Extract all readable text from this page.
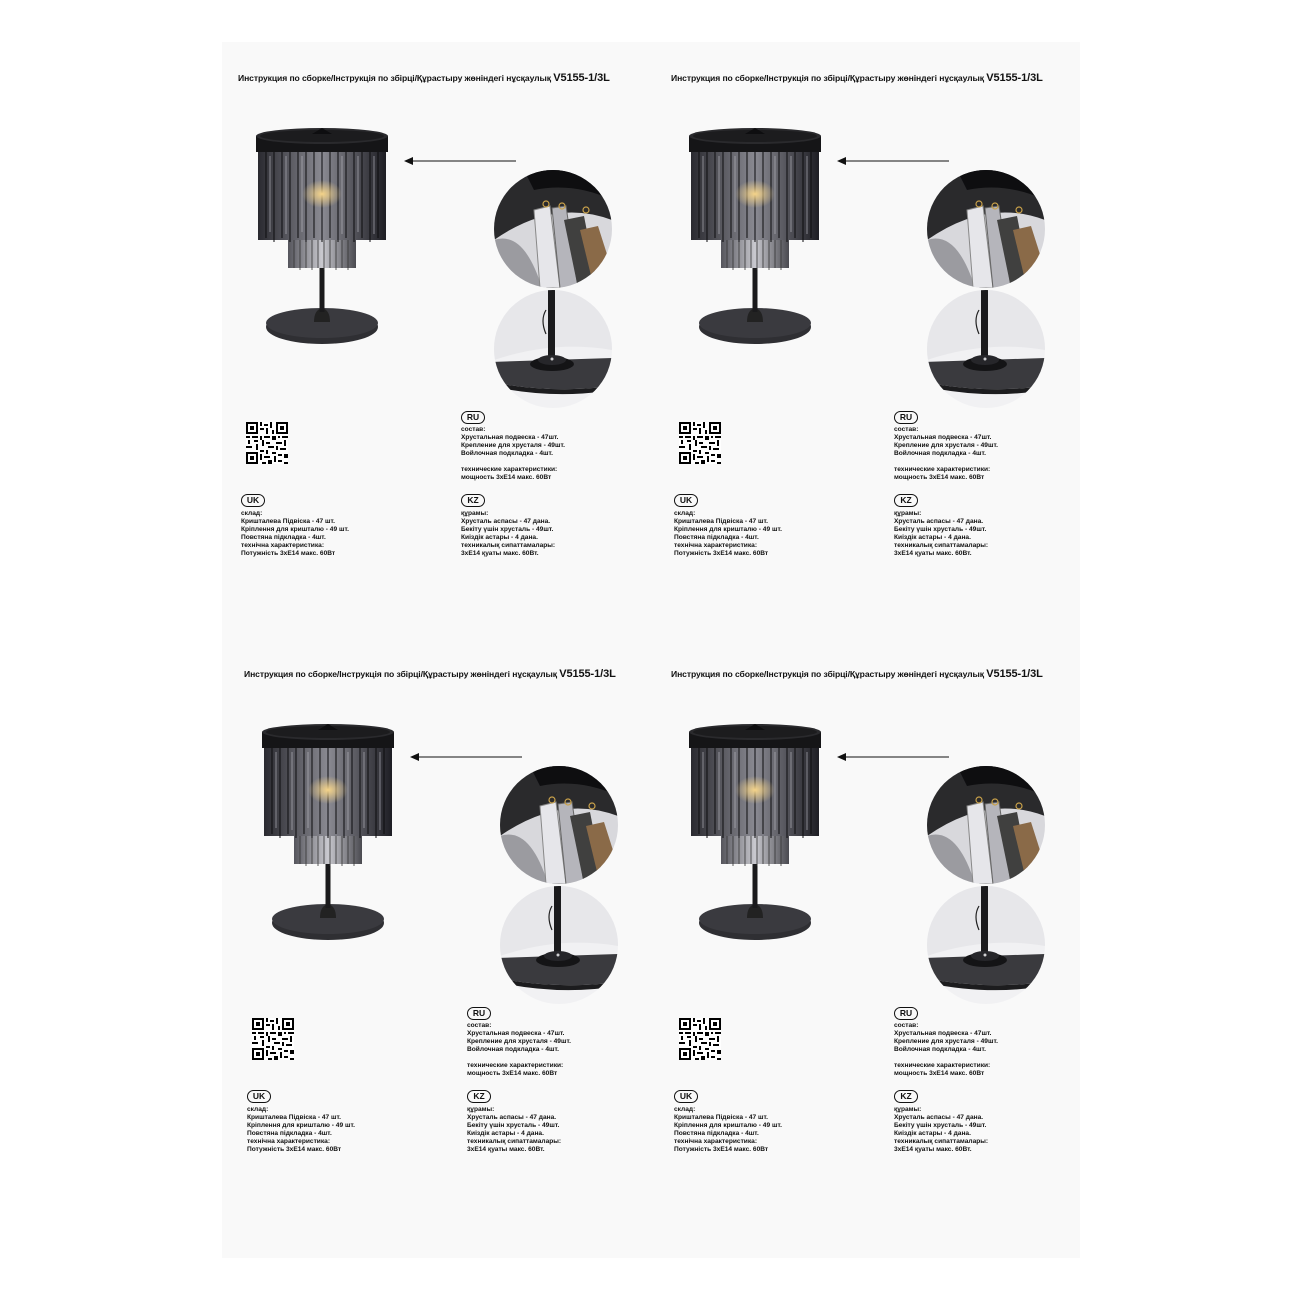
Инструкция по сборке/Інструкція по збірці/Құрастыру жөніндегі нұсқаулық V5155-1/3L
RU
состав:
Хрустальная подвеска - 47шт.
Крепление для хрусталя - 49шт.
Войлочная подкладка - 4шт.
технические характеристики:
мощность 3xE14 макс. 60Вт
UK
склад:
Кришталева Підвіска - 47 шт.
Кріплення для кришталю - 49 шт.
Повстяна підкладка - 4шт.
технічна характеристика:
Потужність 3xE14 макс. 60Вт
KZ
құрамы:
Хрусталь аспасы - 47 дана.
Бекіту үшін хрусталь - 49шт.
Киіздік астары - 4 дана.
техникалық сипаттамалары:
3xE14 қуаты макс. 60Вт.
Инструкция по сборке/Інструкція по збірці/Құрастыру жөніндегі нұсқаулық V5155-1/3L
RU
состав:
Хрустальная подвеска - 47шт.
Крепление для хрусталя - 49шт.
Войлочная подкладка - 4шт.
технические характеристики:
мощность 3xE14 макс. 60Вт
UK
склад:
Кришталева Підвіска - 47 шт.
Кріплення для кришталю - 49 шт.
Повстяна підкладка - 4шт.
технічна характеристика:
Потужність 3xE14 макс. 60Вт
KZ
құрамы:
Хрусталь аспасы - 47 дана.
Бекіту үшін хрусталь - 49шт.
Киіздік астары - 4 дана.
техникалық сипаттамалары:
3xE14 қуаты макс. 60Вт.
Инструкция по сборке/Інструкція по збірці/Құрастыру жөніндегі нұсқаулық V5155-1/3L
RU
состав:
Хрустальная подвеска - 47шт.
Крепление для хрусталя - 49шт.
Войлочная подкладка - 4шт.
технические характеристики:
мощность 3xE14 макс. 60Вт
UK
склад:
Кришталева Підвіска - 47 шт.
Кріплення для кришталю - 49 шт.
Повстяна підкладка - 4шт.
технічна характеристика:
Потужність 3xE14 макс. 60Вт
KZ
құрамы:
Хрусталь аспасы - 47 дана.
Бекіту үшін хрусталь - 49шт.
Киіздік астары - 4 дана.
техникалық сипаттамалары:
3xE14 қуаты макс. 60Вт.
Инструкция по сборке/Інструкція по збірці/Құрастыру жөніндегі нұсқаулық V5155-1/3L
RU
состав:
Хрустальная подвеска - 47шт.
Крепление для хрусталя - 49шт.
Войлочная подкладка - 4шт.
технические характеристики:
мощность 3xE14 макс. 60Вт
UK
склад:
Кришталева Підвіска - 47 шт.
Кріплення для кришталю - 49 шт.
Повстяна підкладка - 4шт.
технічна характеристика:
Потужність 3xE14 макс. 60Вт
KZ
құрамы:
Хрусталь аспасы - 47 дана.
Бекіту үшін хрусталь - 49шт.
Киіздік астары - 4 дана.
техникалық сипаттамалары:
3xE14 қуаты макс. 60Вт.
